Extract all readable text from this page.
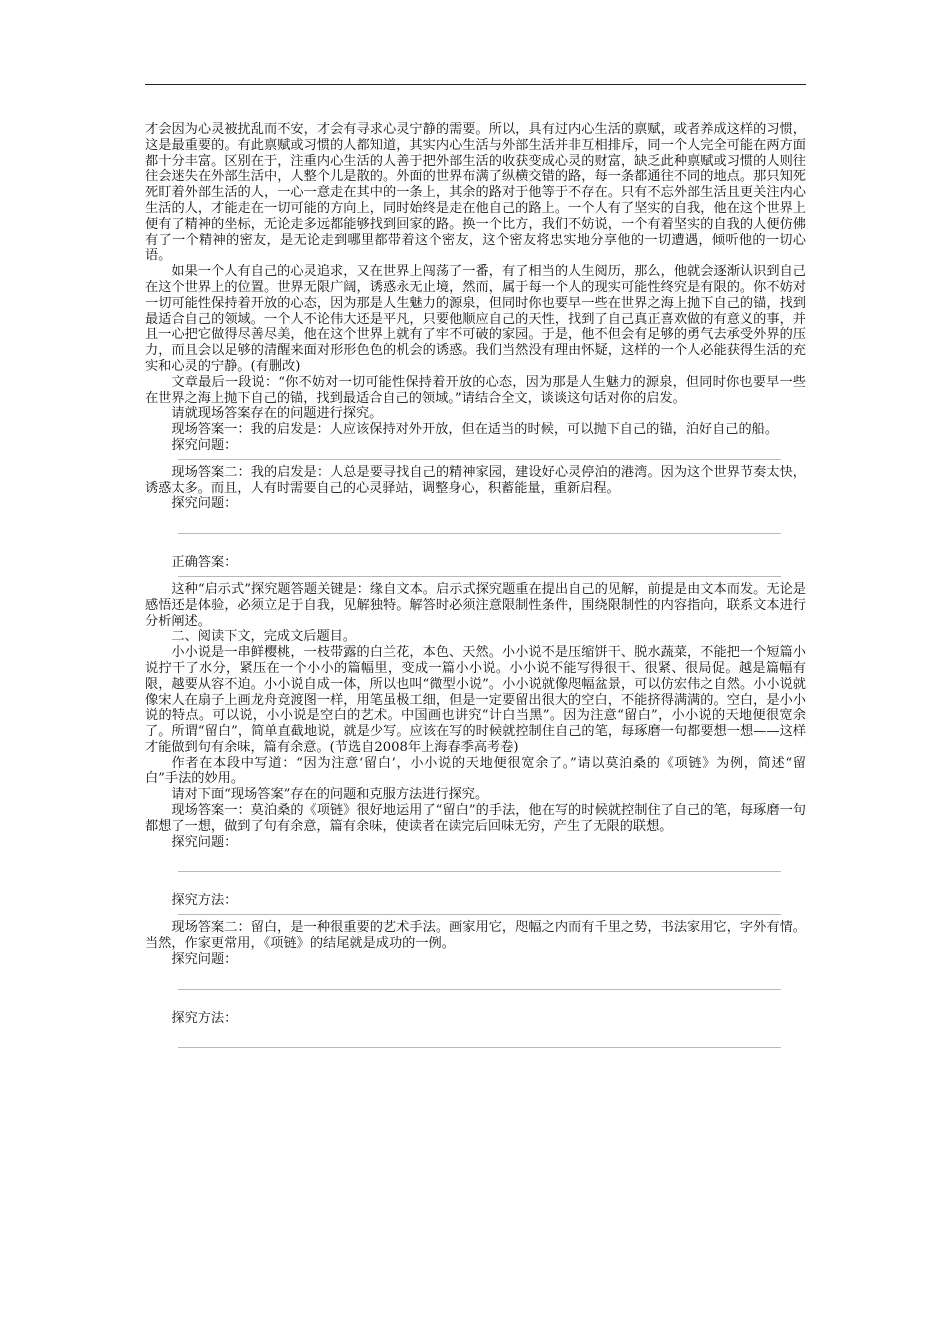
才会因为心灵被扰乱而不安，才会有寻求心灵宁静的需要。所以，具有过内心生活的禀赋，或者养成这样的习惯，这是最重要的。有此禀赋或习惯的人都知道，其实内心生活与外部生活并非互相排斥，同一个人完全可能在两方面都十分丰富。区别在于，注重内心生活的人善于把外部生活的收获变成心灵的财富，缺乏此种禀赋或习惯的人则往往会迷失在外部生活中，人整个儿是散的。外面的世界布满了纵横交错的路，每一条都通往不同的地点。那只知死死盯着外部生活的人，一心一意走在其中的一条上，其余的路对于他等于不存在。只有不忘外部生活且更关注内心生活的人，才能走在一切可能的方向上，同时始终是走在他自己的路上。一个人有了坚实的自我，他在这个世界上便有了精神的坐标，无论走多远都能够找到回家的路。换一个比方，我们不妨说，一个有着坚实的自我的人便仿佛有了一个精神的密友，是无论走到哪里都带着这个密友，这个密友将忠实地分享他的一切遭遇，倾听他的一切心语。

如果一个人有自己的心灵追求，又在世界上闯荡了一番，有了相当的人生阅历，那么，他就会逐渐认识到自己在这个世界上的位置。世界无限广阔，诱惑永无止境，然而，属于每一个人的现实可能性终究是有限的。你不妨对一切可能性保持着开放的心态，因为那是人生魅力的源泉，但同时你也要早一些在世界之海上抛下自己的锚，找到最适合自己的领域。一个人不论伟大还是平凡，只要他顺应自己的天性，找到了自己真正喜欢做的有意义的事，并且一心把它做得尽善尽美，他在这个世界上就有了牢不可破的家园。于是，他不但会有足够的勇气去承受外界的压力，而且会以足够的清醒来面对形形色色的机会的诱惑。我们当然没有理由怀疑，这样的一个人必能获得生活的充实和心灵的宁静。(有删改)

文章最后一段说：“你不妨对一切可能性保持着开放的心态，因为那是人生魅力的源泉，但同时你也要早一些在世界之海上抛下自己的锚，找到最适合自己的领域。”请结合全文，谈谈这句话对你的启发。

请就现场答案存在的问题进行探究。

现场答案一：我的启发是：人应该保持对外开放，但在适当的时候，可以抛下自己的锚，泊好自己的船。

探究问题：

现场答案二：我的启发是：人总是要寻找自己的精神家园，建设好心灵停泊的港湾。因为这个世界节奏太快，诱惑太多。而且，人有时需要自己的心灵驿站，调整身心，积蓄能量，重新启程。

探究问题：

正确答案：

这种“启示式”探究题答题关键是：缘自文本。启示式探究题重在提出自己的见解，前提是由文本而发。无论是感悟还是体验，必须立足于自我，见解独特。解答时必须注意限制性条件，围绕限制性的内容指向，联系文本进行分析阐述。

二、阅读下文，完成文后题目。

小小说是一串鲜樱桃，一枝带露的白兰花，本色、天然。小小说不是压缩饼干、脱水蔬菜，不能把一个短篇小说拧干了水分，紧压在一个小小的篇幅里，变成一篇小小说。小小说不能写得很干、很紧、很局促。越是篇幅有限，越要从容不迫。小小说自成一体，所以也叫“微型小说”。小小说就像咫幅盆景，可以仿宏伟之自然。小小说就像宋人在扇子上画龙舟竞渡图一样，用笔虽极工细，但是一定要留出很大的空白，不能挤得满满的。空白，是小小说的特点。可以说，小小说是空白的艺术。中国画也讲究“计白当黑”。因为注意“留白”，小小说的天地便很宽余了。所谓“留白”，简单直截地说，就是少写。应该在写的时候就控制住自己的笔，每琢磨一句都要想一想——这样才能做到句有余味，篇有余意。(节选自2008年上海春季高考卷)

作者在本段中写道：“因为注意‘留白’，小小说的天地便很宽余了。”请以莫泊桑的《项链》为例，简述“留白”手法的妙用。

请对下面“现场答案”存在的问题和克服方法进行探究。

现场答案一：莫泊桑的《项链》很好地运用了“留白”的手法，他在写的时候就控制住了自己的笔，每琢磨一句都想了一想，做到了句有余意，篇有余味，使读者在读完后回味无穷，产生了无限的联想。

探究问题：

探究方法：

现场答案二：留白，是一种很重要的艺术手法。画家用它，咫幅之内而有千里之势，书法家用它，字外有情。当然，作家更常用，《项链》的结尾就是成功的一例。

探究问题：

探究方法：
